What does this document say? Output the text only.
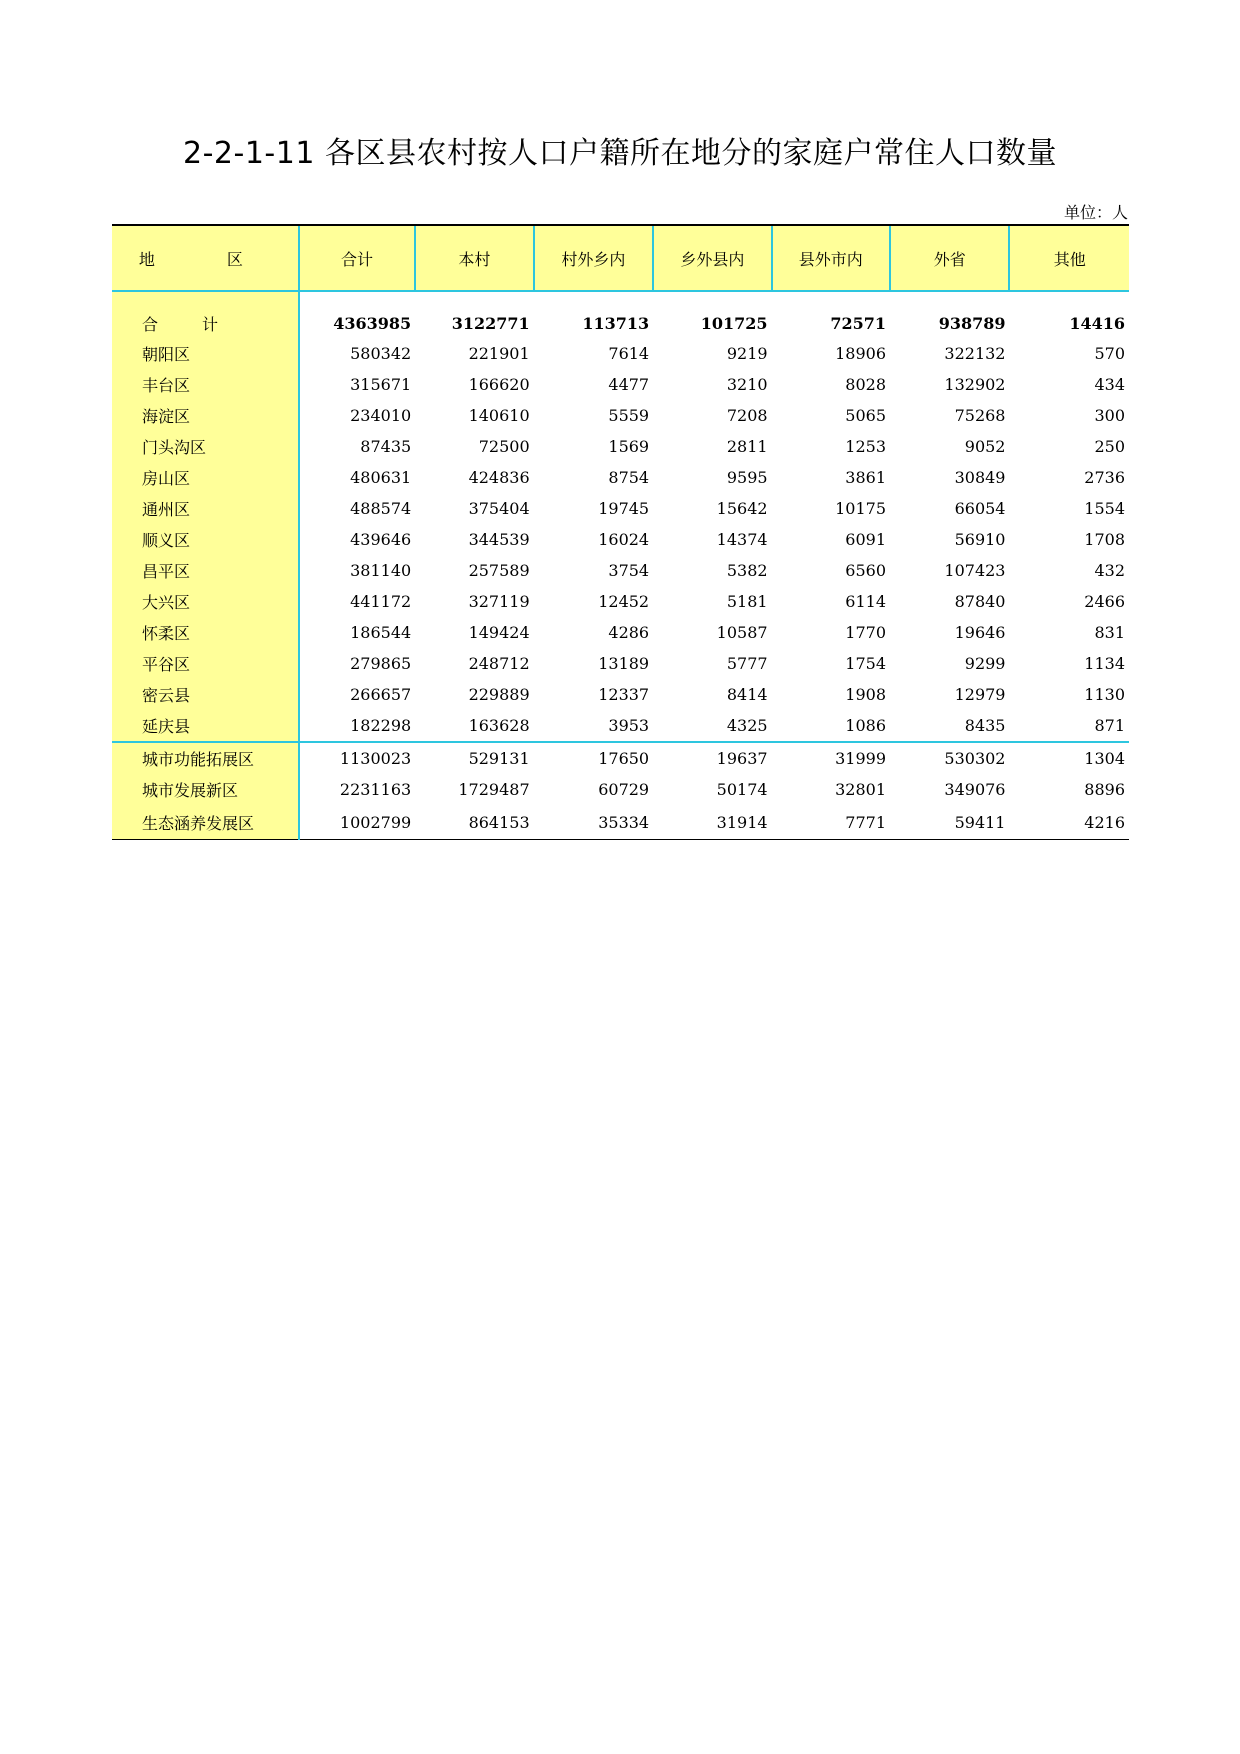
2-2-1-11 各区县农村按人口户籍所在地分的家庭户常住人口数量
单位：人
地　区	合计	本村	村外乡内	乡外县内	县外市内	外省	其他
合　计	4363985	3122771	113713	101725	72571	938789	14416
朝阳区	580342	221901	7614	9219	18906	322132	570
丰台区	315671	166620	4477	3210	8028	132902	434
海淀区	234010	140610	5559	7208	5065	75268	300
门头沟区	87435	72500	1569	2811	1253	9052	250
房山区	480631	424836	8754	9595	3861	30849	2736
通州区	488574	375404	19745	15642	10175	66054	1554
顺义区	439646	344539	16024	14374	6091	56910	1708
昌平区	381140	257589	3754	5382	6560	107423	432
大兴区	441172	327119	12452	5181	6114	87840	2466
怀柔区	186544	149424	4286	10587	1770	19646	831
平谷区	279865	248712	13189	5777	1754	9299	1134
密云县	266657	229889	12337	8414	1908	12979	1130
延庆县	182298	163628	3953	4325	1086	8435	871
城市功能拓展区	1130023	529131	17650	19637	31999	530302	1304
城市发展新区	2231163	1729487	60729	50174	32801	349076	8896
生态涵养发展区	1002799	864153	35334	31914	7771	59411	4216
